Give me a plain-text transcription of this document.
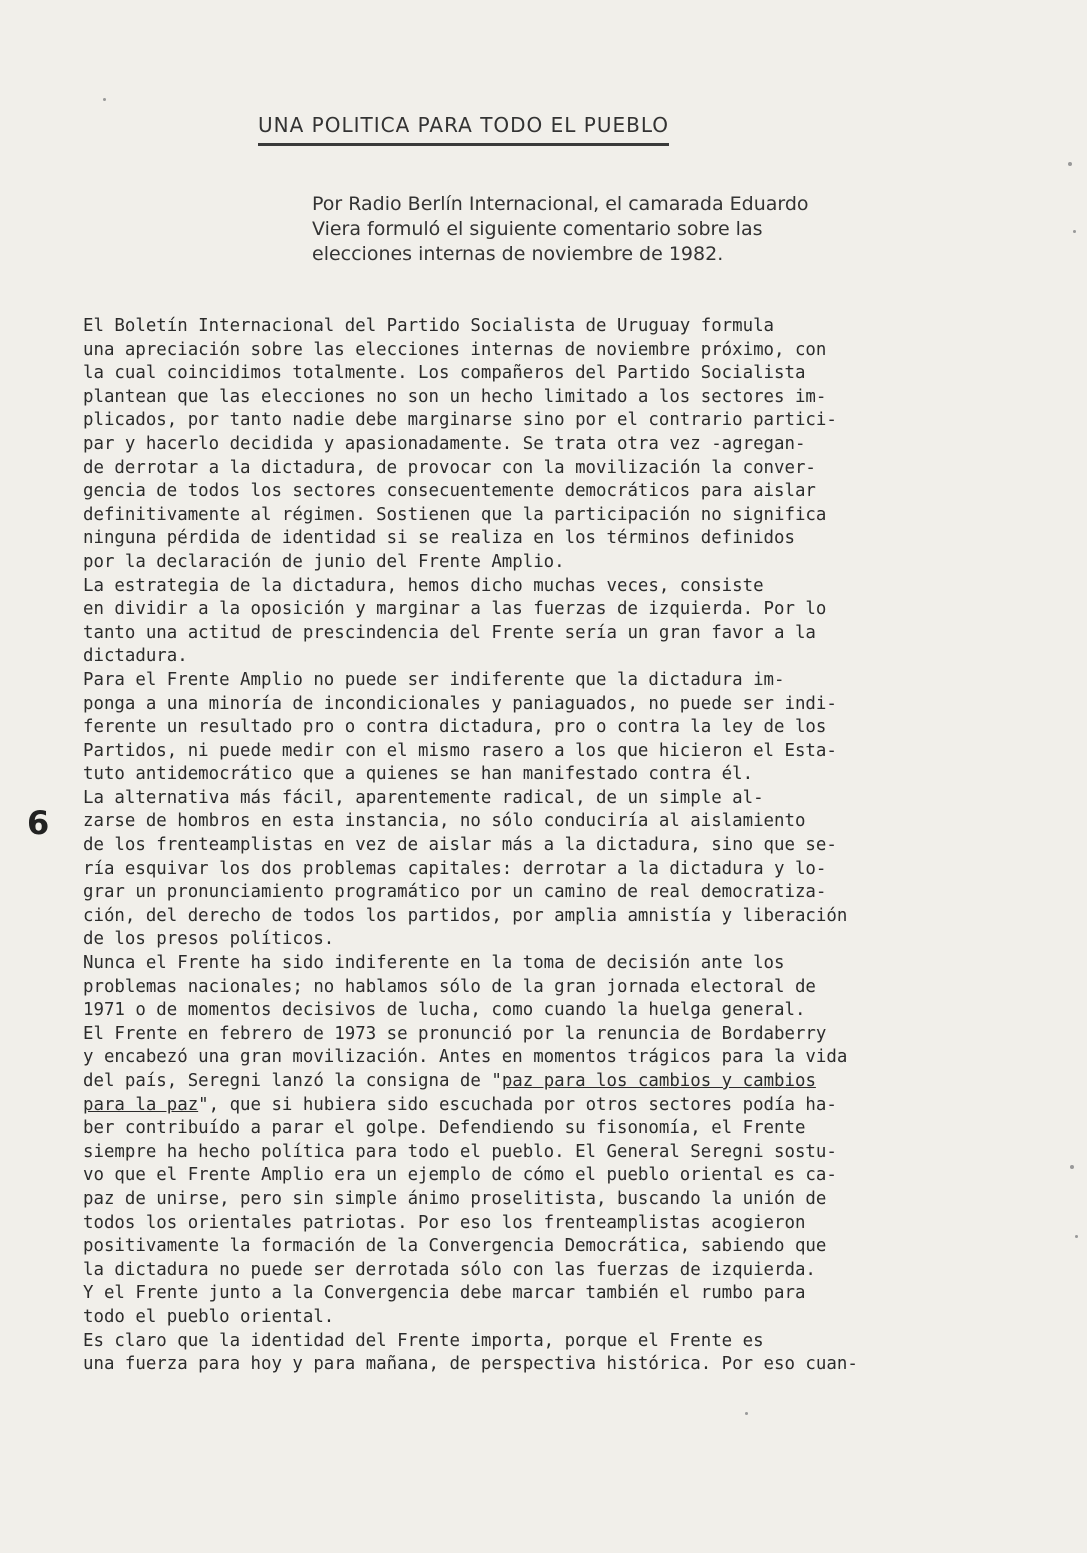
UNA POLITICA PARA TODO EL PUEBLO

Por Radio Berlín Internacional, el camarada Eduardo
Viera formuló el siguiente comentario sobre las
elecciones internas de noviembre de 1982.

El Boletín Internacional del Partido Socialista de Uruguay formula
una apreciación sobre las elecciones internas de noviembre próximo, con
la cual coincidimos totalmente. Los compañeros del Partido Socialista
plantean que las elecciones no son un hecho limitado a los sectores im-
plicados, por tanto nadie debe marginarse sino por el contrario partici-
par y hacerlo decidida y apasionadamente. Se trata otra vez -agregan-
de derrotar a la dictadura, de provocar con la movilización la conver-
gencia de todos los sectores consecuentemente democráticos para aislar
definitivamente al régimen. Sostienen que la participación no significa
ninguna pérdida de identidad si se realiza en los términos definidos
por la declaración de junio del Frente Amplio.
La estrategia de la dictadura, hemos dicho muchas veces, consiste
en dividir a la oposición y marginar a las fuerzas de izquierda. Por lo
tanto una actitud de prescindencia del Frente sería un gran favor a la
dictadura.
Para el Frente Amplio no puede ser indiferente que la dictadura im-
ponga a una minoría de incondicionales y paniaguados, no puede ser indi-
ferente un resultado pro o contra dictadura, pro o contra la ley de los
Partidos, ni puede medir con el mismo rasero a los que hicieron el Esta-
tuto antidemocrático que a quienes se han manifestado contra él.
La alternativa más fácil, aparentemente radical, de un simple al-
zarse de hombros en esta instancia, no sólo conduciría al aislamiento
de los frenteamplistas en vez de aislar más a la dictadura, sino que se-
ría esquivar los dos problemas capitales: derrotar a la dictadura y lo-
grar un pronunciamiento programático por un camino de real democratiza-
ción, del derecho de todos los partidos, por amplia amnistía y liberación
de los presos políticos.
Nunca el Frente ha sido indiferente en la toma de decisión ante los
problemas nacionales; no hablamos sólo de la gran jornada electoral de
1971 o de momentos decisivos de lucha, como cuando la huelga general.
El Frente en febrero de 1973 se pronunció por la renuncia de Bordaberry
y encabezó una gran movilización. Antes en momentos trágicos para la vida
del país, Seregni lanzó la consigna de "paz para los cambios y cambios
para la paz", que si hubiera sido escuchada por otros sectores podía ha-
ber contribuído a parar el golpe. Defendiendo su fisonomía, el Frente
siempre ha hecho política para todo el pueblo. El General Seregni sostu-
vo que el Frente Amplio era un ejemplo de cómo el pueblo oriental es ca-
paz de unirse, pero sin simple ánimo proselitista, buscando la unión de
todos los orientales patriotas. Por eso los frenteamplistas acogieron
positivamente la formación de la Convergencia Democrática, sabiendo que
la dictadura no puede ser derrotada sólo con las fuerzas de izquierda.
Y el Frente junto a la Convergencia debe marcar también el rumbo para
todo el pueblo oriental.
Es claro que la identidad del Frente importa, porque el Frente es
una fuerza para hoy y para mañana, de perspectiva histórica. Por eso cuan-
6
